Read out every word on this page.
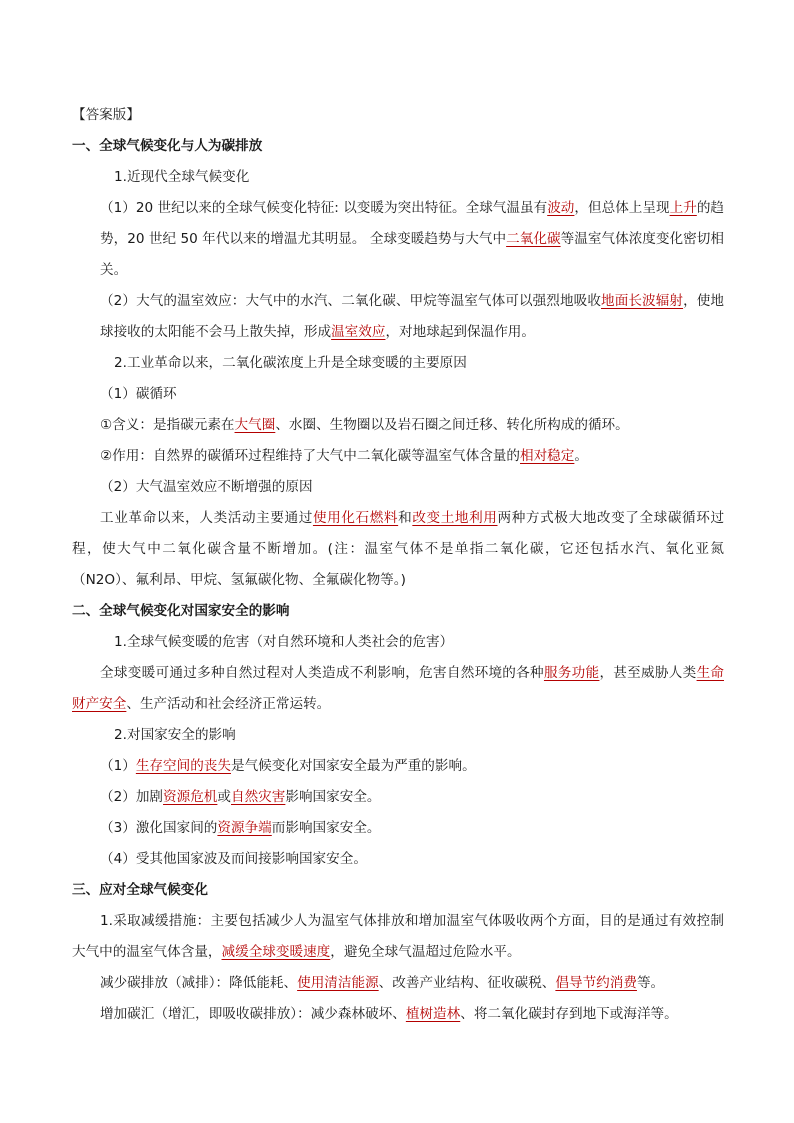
【答案版】
一、全球气候变化与人为碳排放
1.近现代全球气候变化
（1）20 世纪以来的全球气候变化特征: 以变暖为突出特征。全球气温虽有波动，但总体上呈现上升的趋势，20 世纪 50 年代以来的增温尤其明显。 全球变暖趋势与大气中二氧化碳等温室气体浓度变化密切相关。
（2）大气的温室效应：大气中的水汽、二氧化碳、甲烷等温室气体可以强烈地吸收地面长波辐射，使地球接收的太阳能不会马上散失掉，形成温室效应，对地球起到保温作用。
2.工业革命以来，二氧化碳浓度上升是全球变暖的主要原因
（1）碳循环
①含义：是指碳元素在大气圈、水圈、生物圈以及岩石圈之间迁移、转化所构成的循环。
②作用：自然界的碳循环过程维持了大气中二氧化碳等温室气体含量的相对稳定。
（2）大气温室效应不断增强的原因
工业革命以来，人类活动主要通过使用化石燃料和改变土地利用两种方式极大地改变了全球碳循环过程，使大气中二氧化碳含量不断增加。(注：温室气体不是单指二氧化碳，它还包括水汽、氧化亚氮（N2O）、氟利昂、甲烷、氢氟碳化物、全氟碳化物等。)
二、全球气候变化对国家安全的影响
1.全球气候变暖的危害（对自然环境和人类社会的危害）
全球变暖可通过多种自然过程对人类造成不利影响，危害自然环境的各种服务功能，甚至威胁人类生命财产安全、生产活动和社会经济正常运转。
2.对国家安全的影响
（1）生存空间的丧失是气候变化对国家安全最为严重的影响。
（2）加剧资源危机或自然灾害影响国家安全。
（3）激化国家间的资源争端而影响国家安全。
（4）受其他国家波及而间接影响国家安全。
三、应对全球气候变化
1.采取减缓措施：主要包括减少人为温室气体排放和增加温室气体吸收两个方面，目的是通过有效控制大气中的温室气体含量，减缓全球变暖速度，避免全球气温超过危险水平。
减少碳排放（减排）：降低能耗、使用清洁能源、改善产业结构、征收碳税、倡导节约消费等。
增加碳汇（增汇，即吸收碳排放）：减少森林破坏、植树造林、将二氧化碳封存到地下或海洋等。
